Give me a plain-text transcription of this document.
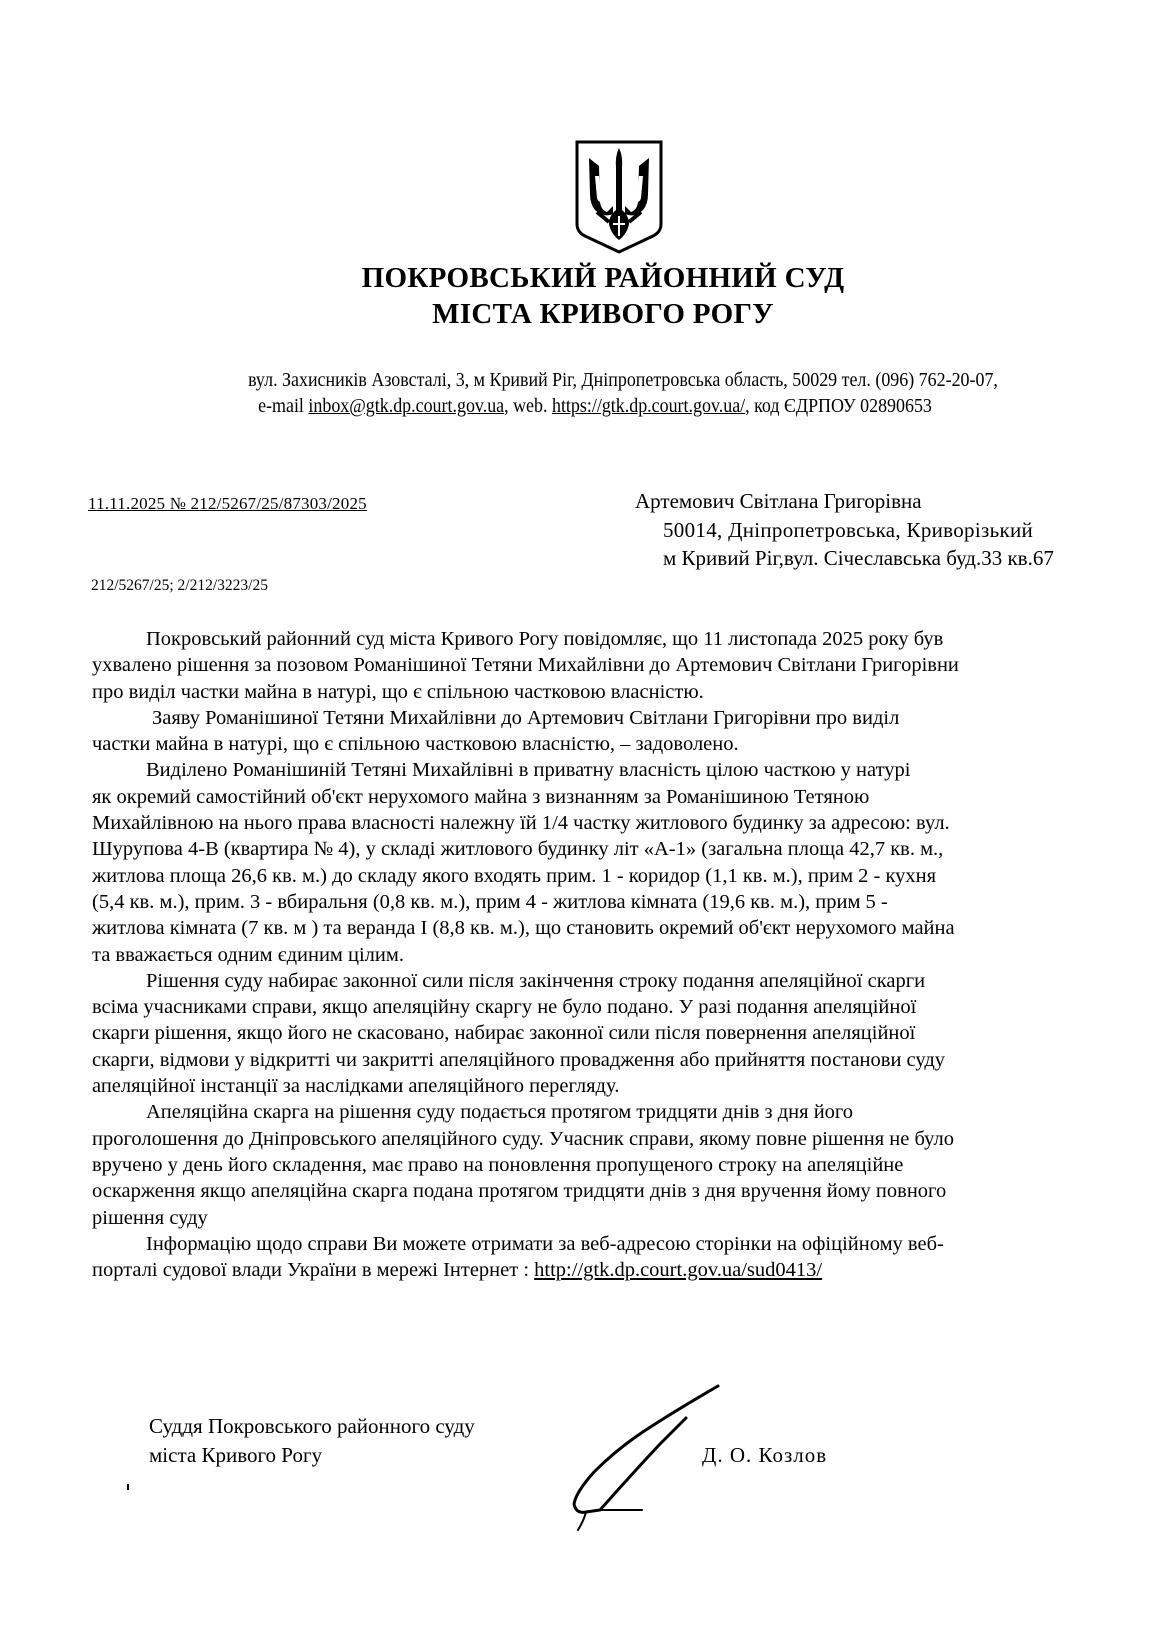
ПОКРОВСЬКИЙ РАЙОННИЙ СУД
МІСТА КРИВОГО РОГУ
вул. Захисників Азовсталі, 3, м Кривий Ріг, Дніпропетровська область, 50029 тел. (096) 762-20-07,
e-mail inbox@gtk.dp.court.gov.ua, web. https://gtk.dp.court.gov.ua/, код ЄДРПОУ 02890653
11.11.2025 № 212/5267/25/87303/2025	Артемович Світлана Григорівна
50014, Дніпропетровська, Криворізький
м Кривий Ріг,вул. Січеславська буд.33 кв.67
212/5267/25; 2/212/3223/25
Покровський районний суд міста Кривого Рогу повідомляє, що 11 листопада 2025 року був
ухвалено рішення за позовом Романішиної Тетяни Михайлівни до Артемович Світлани Григорівни
про виділ частки майна в натурі, що є спільною частковою власністю.
Заяву Романішиної Тетяни Михайлівни до Артемович Світлани Григорівни про виділ
частки майна в натурі, що є спільною частковою власністю, – задоволено.
Виділено Романішиній Тетяні Михайлівні в приватну власність цілою часткою у натурі
як окремий самостійний об'єкт нерухомого майна з визнанням за Романішиною Тетяною
Михайлівною на нього права власності належну їй 1/4 частку житлового будинку за адресою: вул.
Шурупова 4-В (квартира № 4), у складі житлового будинку літ «А-1» (загальна площа 42,7 кв. м.,
житлова площа 26,6 кв. м.) до складу якого входять прим. 1 - коридор (1,1 кв. м.), прим 2 - кухня
(5,4 кв. м.), прим. 3 - вбиральня (0,8 кв. м.), прим 4 - житлова кімната (19,6 кв. м.), прим 5 -
житлова кімната (7 кв. м ) та веранда І (8,8 кв. м.), що становить окремий об'єкт нерухомого майна
та вважається одним єдиним цілим.
Рішення суду набирає законної сили після закінчення строку подання апеляційної скарги
всіма учасниками справи, якщо апеляційну скаргу не було подано. У разі подання апеляційної
скарги рішення, якщо його не скасовано, набирає законної сили після повернення апеляційної
скарги, відмови у відкритті чи закритті апеляційного провадження або прийняття постанови суду
апеляційної інстанції за наслідками апеляційного перегляду.
Апеляційна скарга на рішення суду подається протягом тридцяти днів з дня його
проголошення до Дніпровського апеляційного суду. Учасник справи, якому повне рішення не було
вручено у день його складення, має право на поновлення пропущеного строку на апеляційне
оскарження якщо апеляційна скарга подана протягом тридцяти днів з дня вручення йому повного
рішення суду
Інформацію щодо справи Ви можете отримати за веб-адресою сторінки на офіційному веб-
порталі судової влади України в мережі Інтернет : http://gtk.dp.court.gov.ua/sud0413/
Суддя Покровського районного суду
міста Кривого Рогу	Д. О. Козлов
